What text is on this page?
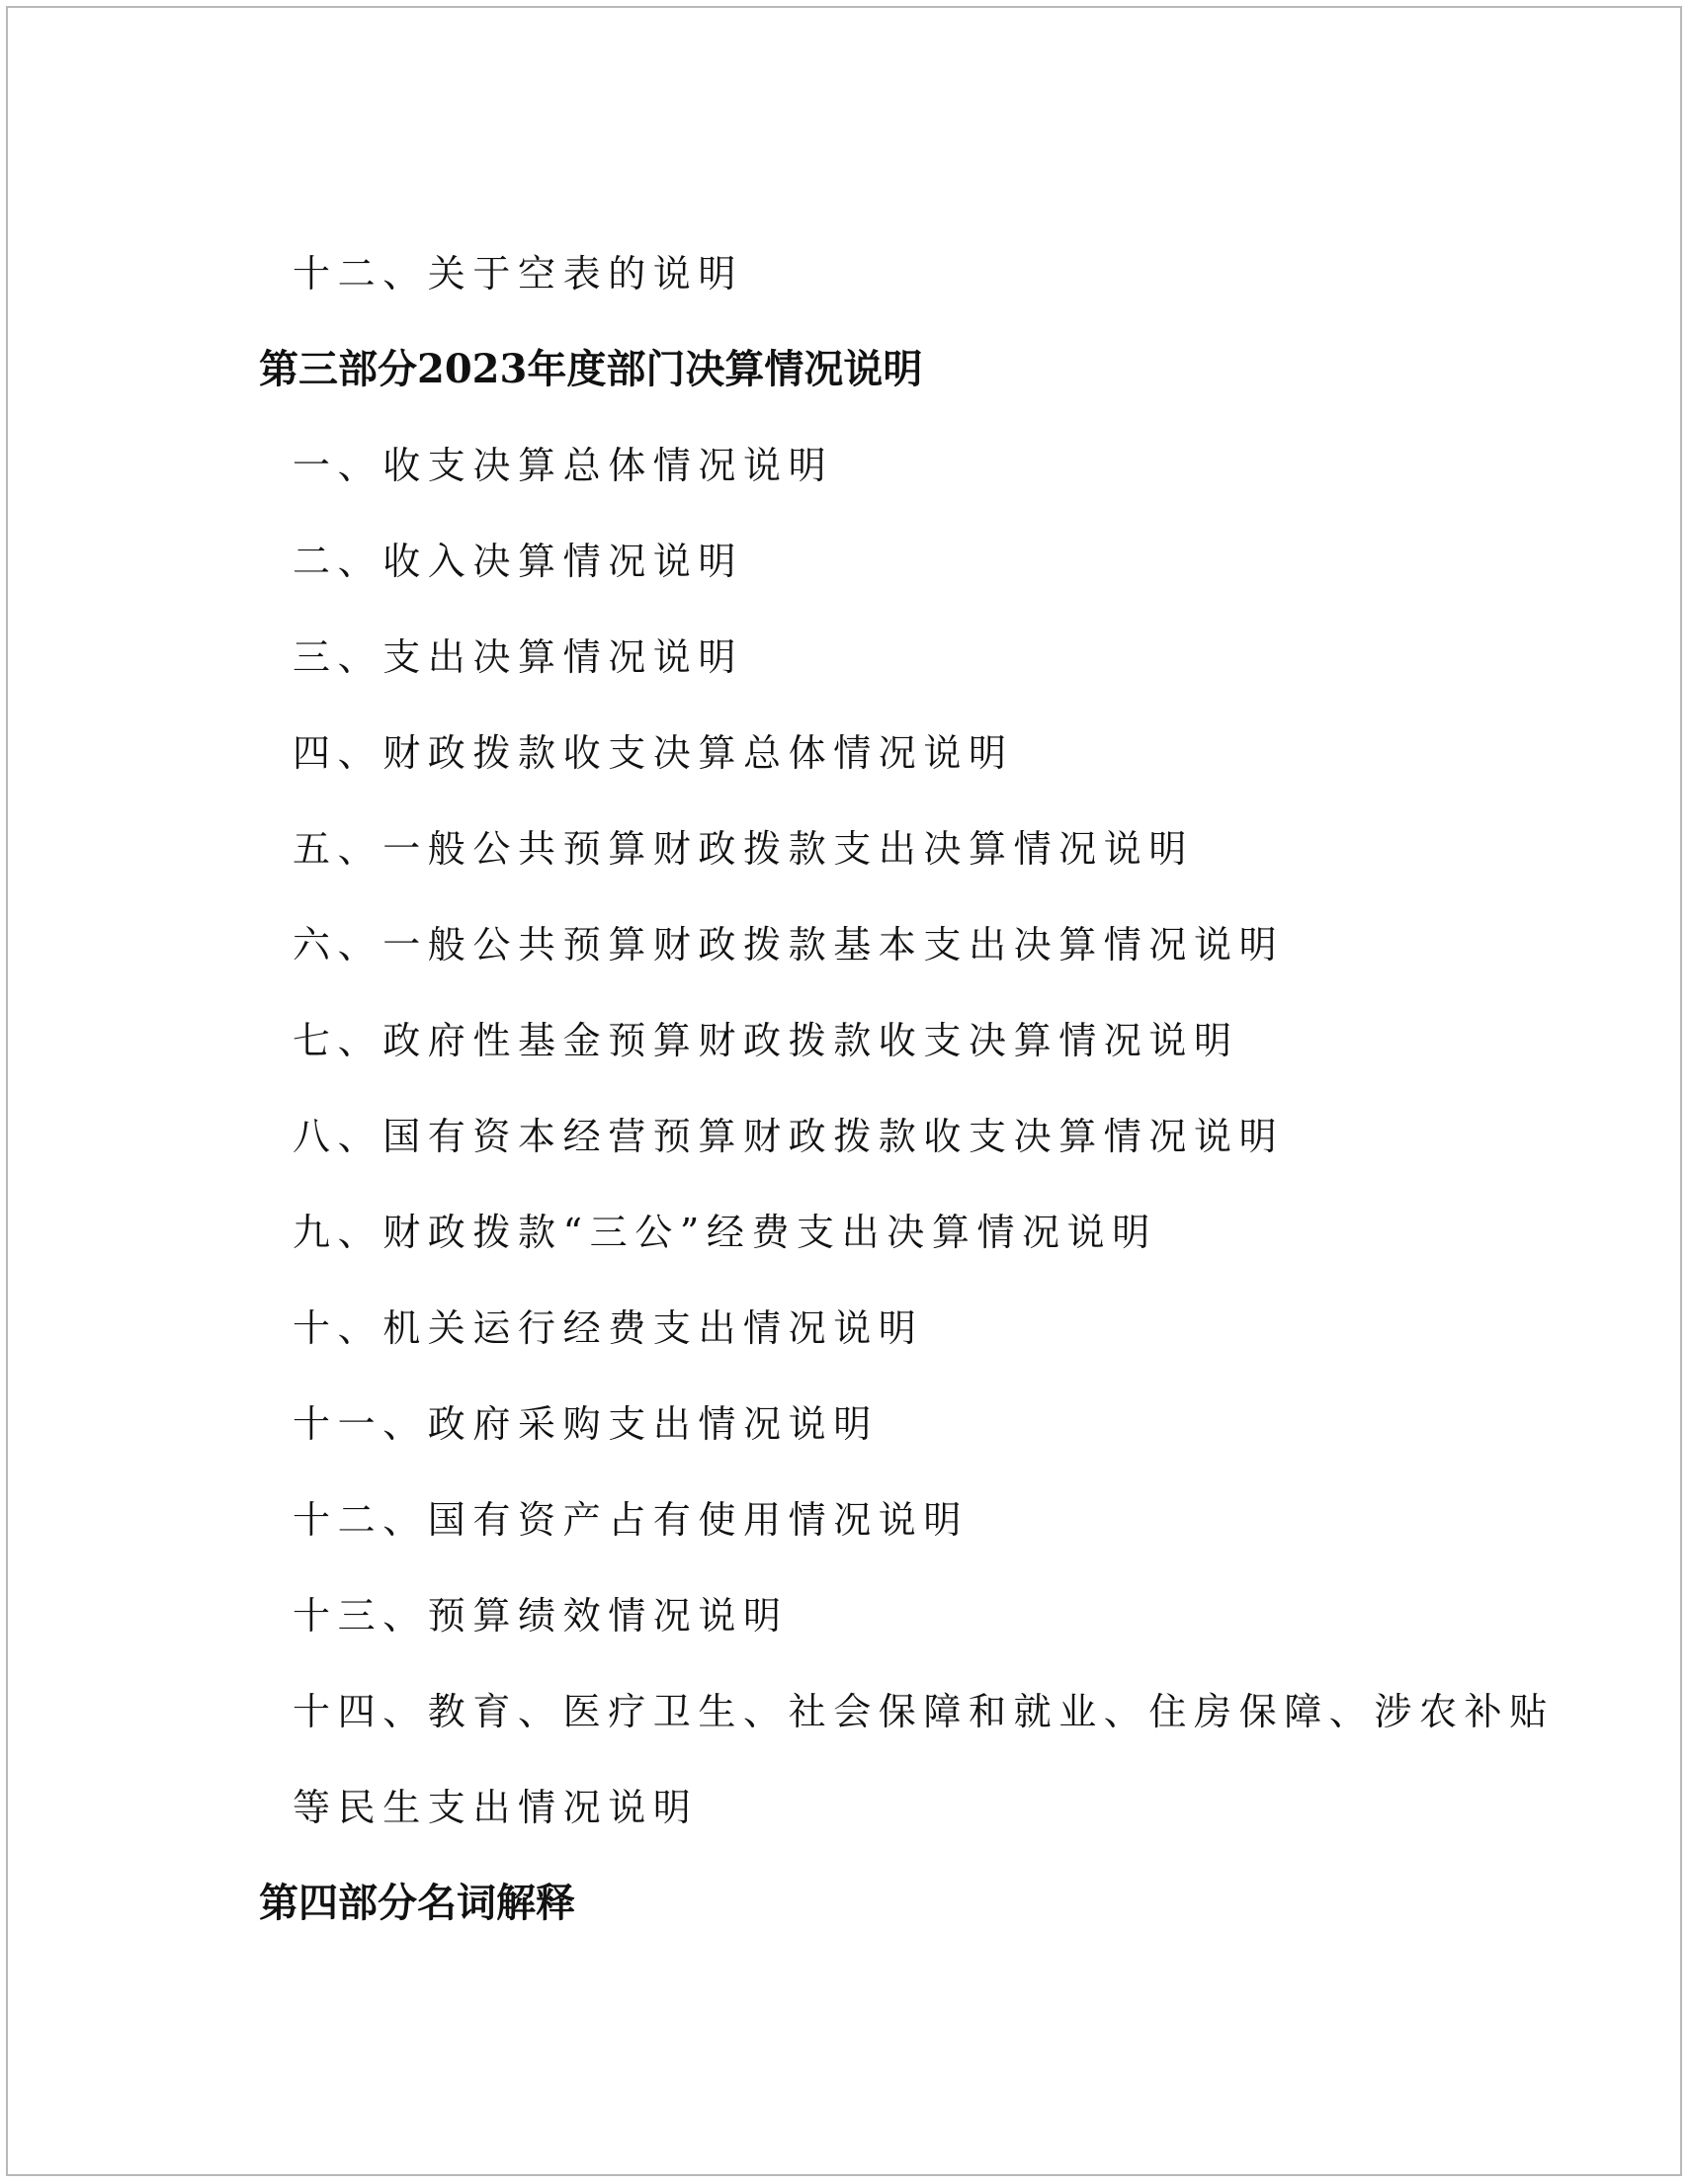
十二、关于空表的说明
第三部分2023年度部门决算情况说明
一、收支决算总体情况说明
二、收入决算情况说明
三、支出决算情况说明
四、财政拨款收支决算总体情况说明
五、一般公共预算财政拨款支出决算情况说明
六、一般公共预算财政拨款基本支出决算情况说明
七、政府性基金预算财政拨款收支决算情况说明
八、国有资本经营预算财政拨款收支决算情况说明
九、财政拨款“三公”经费支出决算情况说明
十、机关运行经费支出情况说明
十一、政府采购支出情况说明
十二、国有资产占有使用情况说明
十三、预算绩效情况说明
十四、教育、医疗卫生、社会保障和就业、住房保障、涉农补贴
等民生支出情况说明
第四部分名词解释
